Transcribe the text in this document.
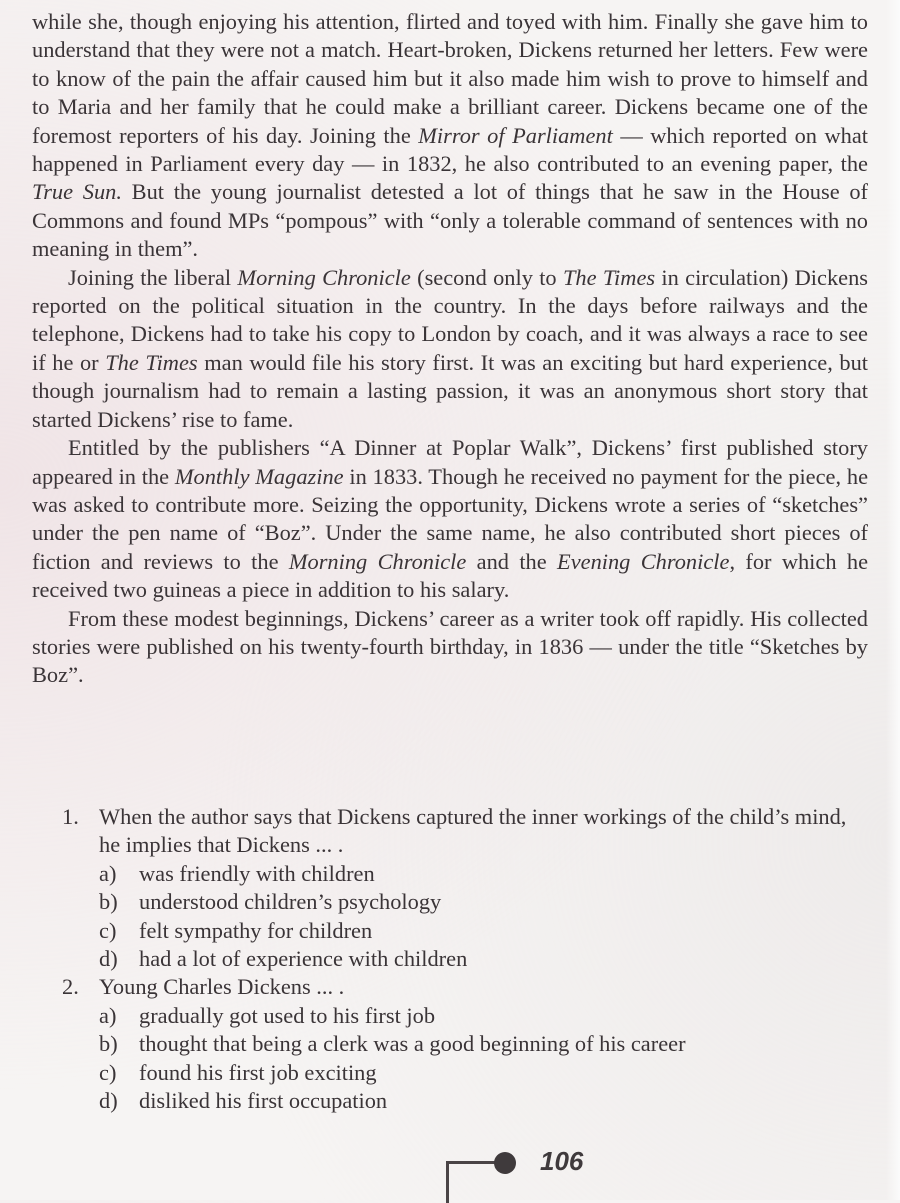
while she, though enjoying his attention, flirted and toyed with him. Finally she gave him to understand that they were not a match. Heart-broken, Dickens returned her letters. Few were to know of the pain the affair caused him but it also made him wish to prove to himself and to Maria and her family that he could make a brilliant career. Dickens became one of the foremost reporters of his day. Joining the Mirror of Parliament — which reported on what happened in Parliament every day — in 1832, he also contributed to an evening paper, the True Sun. But the young journalist detested a lot of things that he saw in the House of Commons and found MPs “pompous” with “only a tolerable command of sentences with no meaning in them”.

Joining the liberal Morning Chronicle (second only to The Times in circulation) Dickens reported on the political situation in the country. In the days before railways and the telephone, Dickens had to take his copy to London by coach, and it was always a race to see if he or The Times man would file his story first. It was an exciting but hard experience, but though journalism had to remain a lasting passion, it was an anonymous short story that started Dickens’ rise to fame.

Entitled by the publishers “A Dinner at Poplar Walk”, Dickens’ first published story appeared in the Monthly Magazine in 1833. Though he received no payment for the piece, he was asked to contribute more. Seizing the opportunity, Dickens wrote a series of “sketches” under the pen name of “Boz”. Under the same name, he also contributed short pieces of fiction and reviews to the Morning Chronicle and the Evening Chronicle, for which he received two guineas a piece in addition to his salary.

From these modest beginnings, Dickens’ career as a writer took off rapidly. His collected stories were published on his twenty-fourth birthday, in 1836 — under the title “Sketches by Boz”.

1. When the author says that Dickens captured the inner workings of the child’s mind, he implies that Dickens ... .
a) was friendly with children
b) understood children’s psychology
c) felt sympathy for children
d) had a lot of experience with children
2. Young Charles Dickens ... .
a) gradually got used to his first job
b) thought that being a clerk was a good beginning of his career
c) found his first job exciting
d) disliked his first occupation
106
